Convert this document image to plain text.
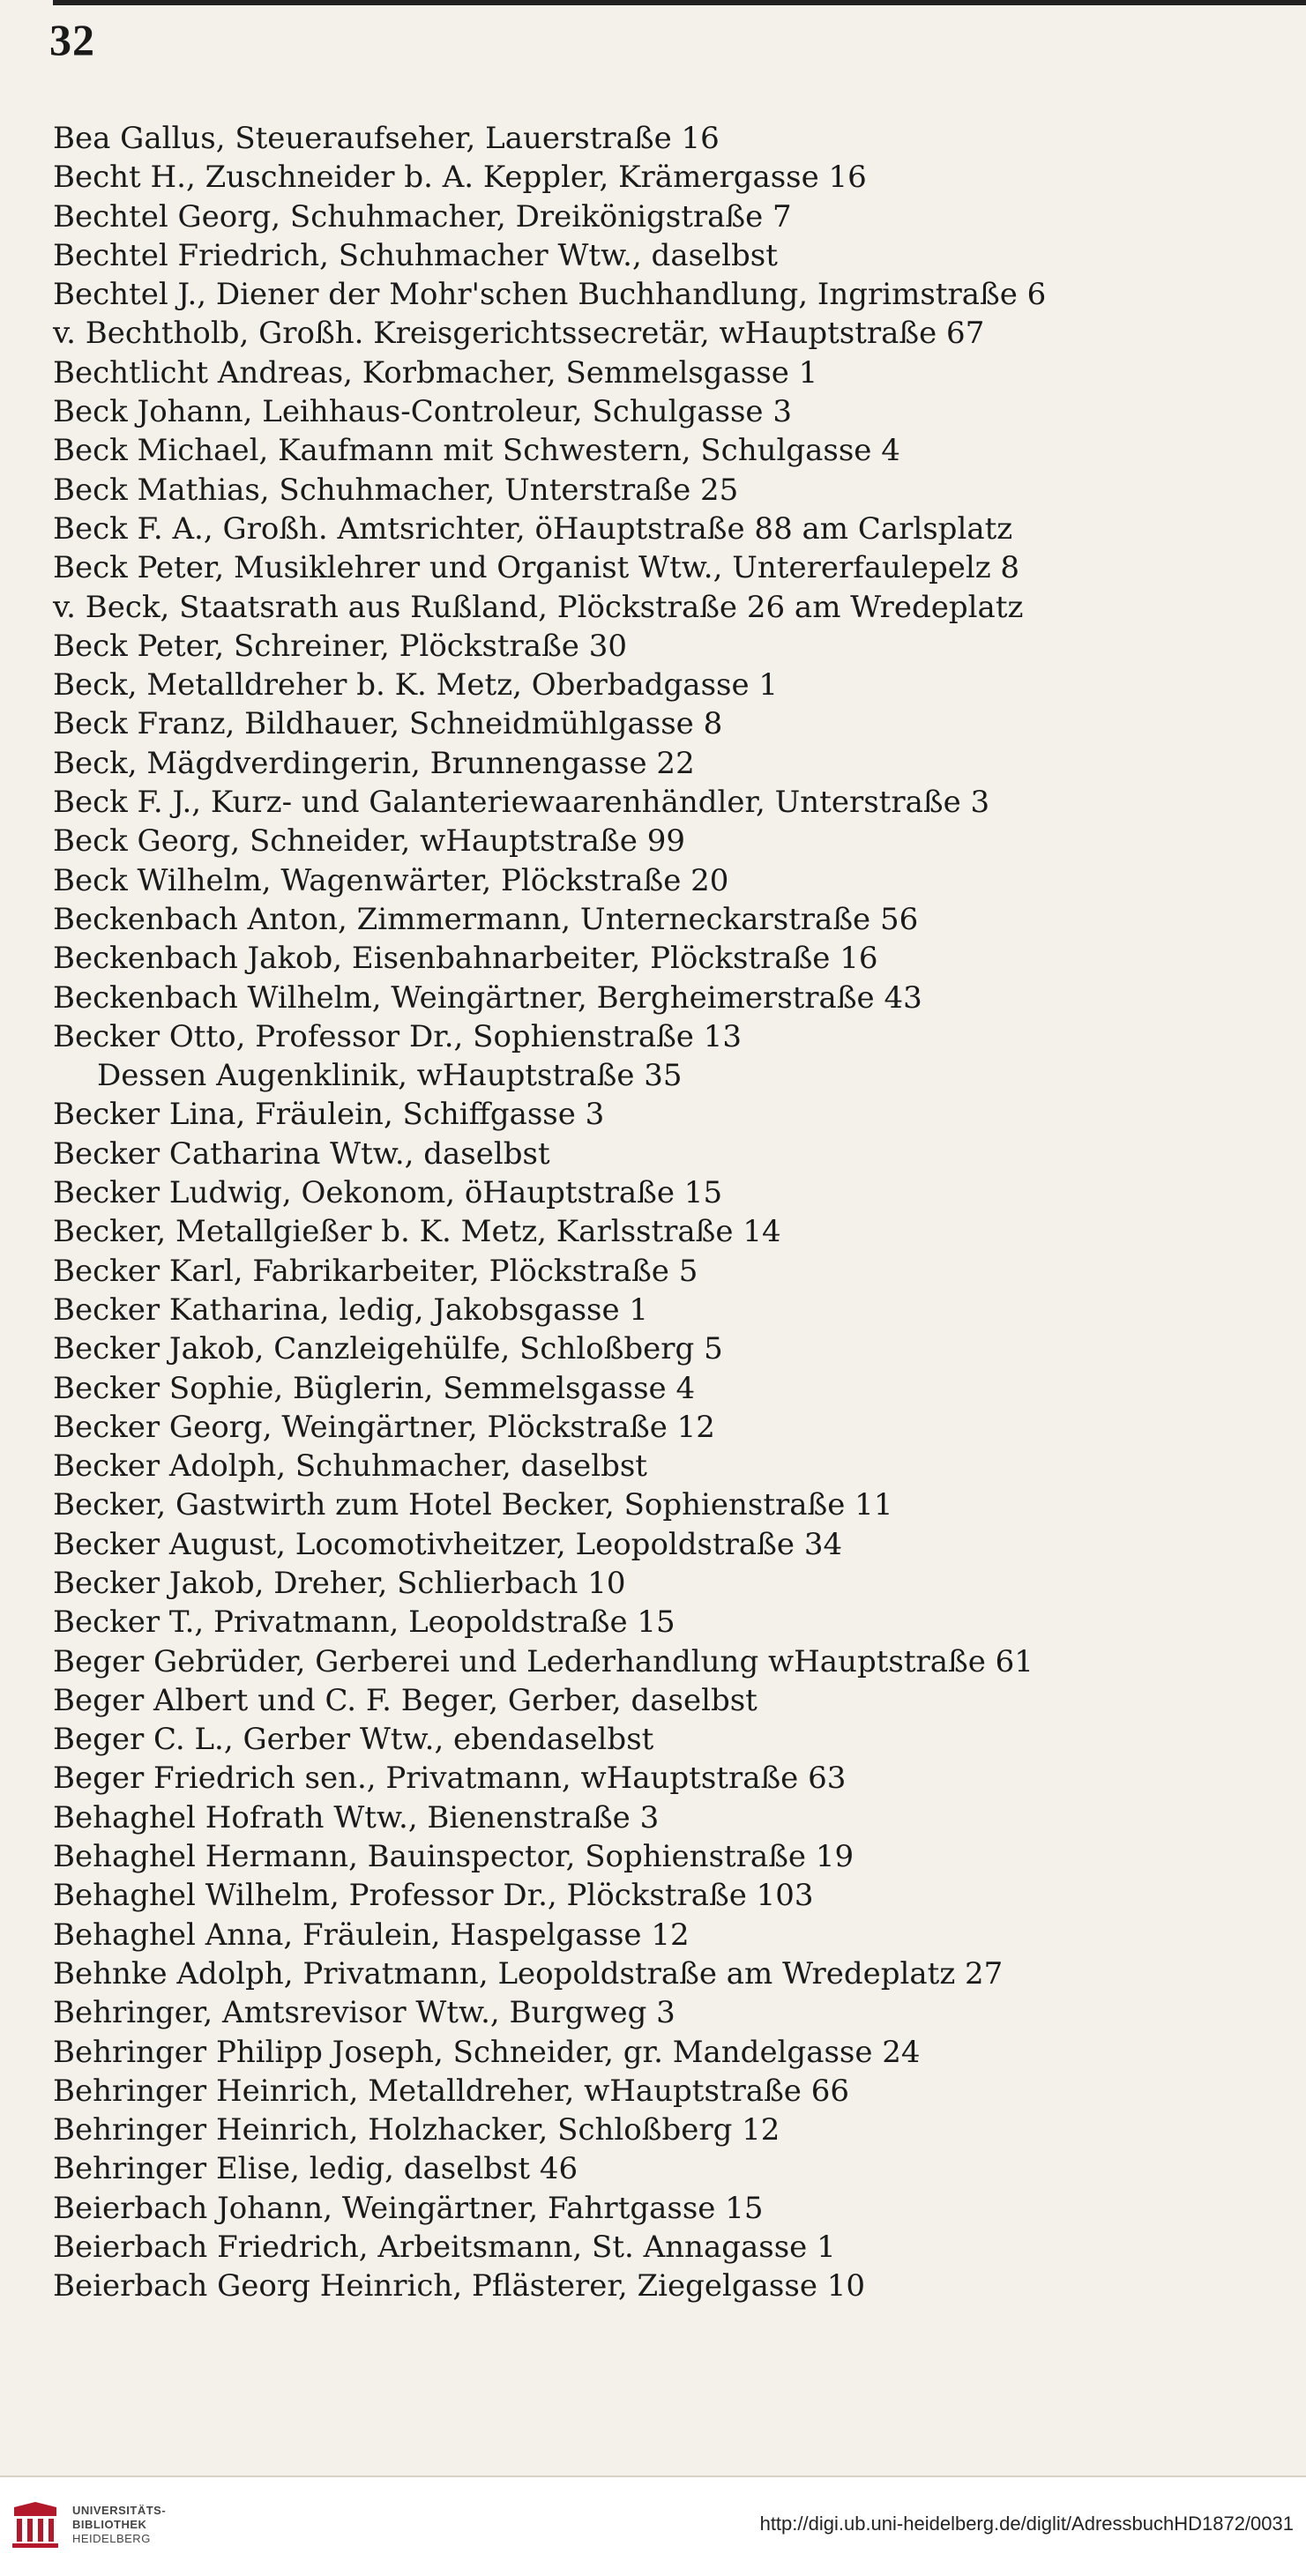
32
Bea Gallus, Steueraufseher, Lauerstraße 16
Becht H., Zuschneider b. A. Keppler, Krämergasse 16
Bechtel Georg, Schuhmacher, Dreikönigstraße 7
Bechtel Friedrich, Schuhmacher Wtw., daselbst
Bechtel J., Diener der Mohr'schen Buchhandlung, Ingrimstraße 6
v. Bechtholb, Großh. Kreisgerichtssecretär, wHauptstraße 67
Bechtlicht Andreas, Korbmacher, Semmelsgasse 1
Beck Johann, Leihhaus-Controleur, Schulgasse 3
Beck Michael, Kaufmann mit Schwestern, Schulgasse 4
Beck Mathias, Schuhmacher, Unterstraße 25
Beck F. A., Großh. Amtsrichter, öHauptstraße 88 am Carlsplatz
Beck Peter, Musiklehrer und Organist Wtw., Untererfaulepelz 8
v. Beck, Staatsrath aus Rußland, Plöckstraße 26 am Wredeplatz
Beck Peter, Schreiner, Plöckstraße 30
Beck, Metalldreher b. K. Metz, Oberbadgasse 1
Beck Franz, Bildhauer, Schneidmühlgasse 8
Beck, Mägdverdingerin, Brunnengasse 22
Beck F. J., Kurz- und Galanteriewaarenhändler, Unterstraße 3
Beck Georg, Schneider, wHauptstraße 99
Beck Wilhelm, Wagenwärter, Plöckstraße 20
Beckenbach Anton, Zimmermann, Unterneckarstraße 56
Beckenbach Jakob, Eisenbahnarbeiter, Plöckstraße 16
Beckenbach Wilhelm, Weingärtner, Bergheimerstraße 43
Becker Otto, Professor Dr., Sophienstraße 13
Dessen Augenklinik, wHauptstraße 35
Becker Lina, Fräulein, Schiffgasse 3
Becker Catharina Wtw., daselbst
Becker Ludwig, Oekonom, öHauptstraße 15
Becker, Metallgießer b. K. Metz, Karlsstraße 14
Becker Karl, Fabrikarbeiter, Plöckstraße 5
Becker Katharina, ledig, Jakobsgasse 1
Becker Jakob, Canzleigehülfe, Schloßberg 5
Becker Sophie, Büglerin, Semmelsgasse 4
Becker Georg, Weingärtner, Plöckstraße 12
Becker Adolph, Schuhmacher, daselbst
Becker, Gastwirth zum Hotel Becker, Sophienstraße 11
Becker August, Locomotivheitzer, Leopoldstraße 34
Becker Jakob, Dreher, Schlierbach 10
Becker T., Privatmann, Leopoldstraße 15
Beger Gebrüder, Gerberei und Lederhandlung wHauptstraße 61
Beger Albert und C. F. Beger, Gerber, daselbst
Beger C. L., Gerber Wtw., ebendaselbst
Beger Friedrich sen., Privatmann, wHauptstraße 63
Behaghel Hofrath Wtw., Bienenstraße 3
Behaghel Hermann, Bauinspector, Sophienstraße 19
Behaghel Wilhelm, Professor Dr., Plöckstraße 103
Behaghel Anna, Fräulein, Haspelgasse 12
Behnke Adolph, Privatmann, Leopoldstraße am Wredeplatz 27
Behringer, Amtsrevisor Wtw., Burgweg 3
Behringer Philipp Joseph, Schneider, gr. Mandelgasse 24
Behringer Heinrich, Metalldreher, wHauptstraße 66
Behringer Heinrich, Holzhacker, Schloßberg 12
Behringer Elise, ledig, daselbst 46
Beierbach Johann, Weingärtner, Fahrtgasse 15
Beierbach Friedrich, Arbeitsmann, St. Annagasse 1
Beierbach Georg Heinrich, Pflästerer, Ziegelgasse 10
UNIVERSITÄTS-
BIBLIOTHEK
HEIDELBERG
http://digi.ub.uni-heidelberg.de/diglit/AdressbuchHD1872/0031
